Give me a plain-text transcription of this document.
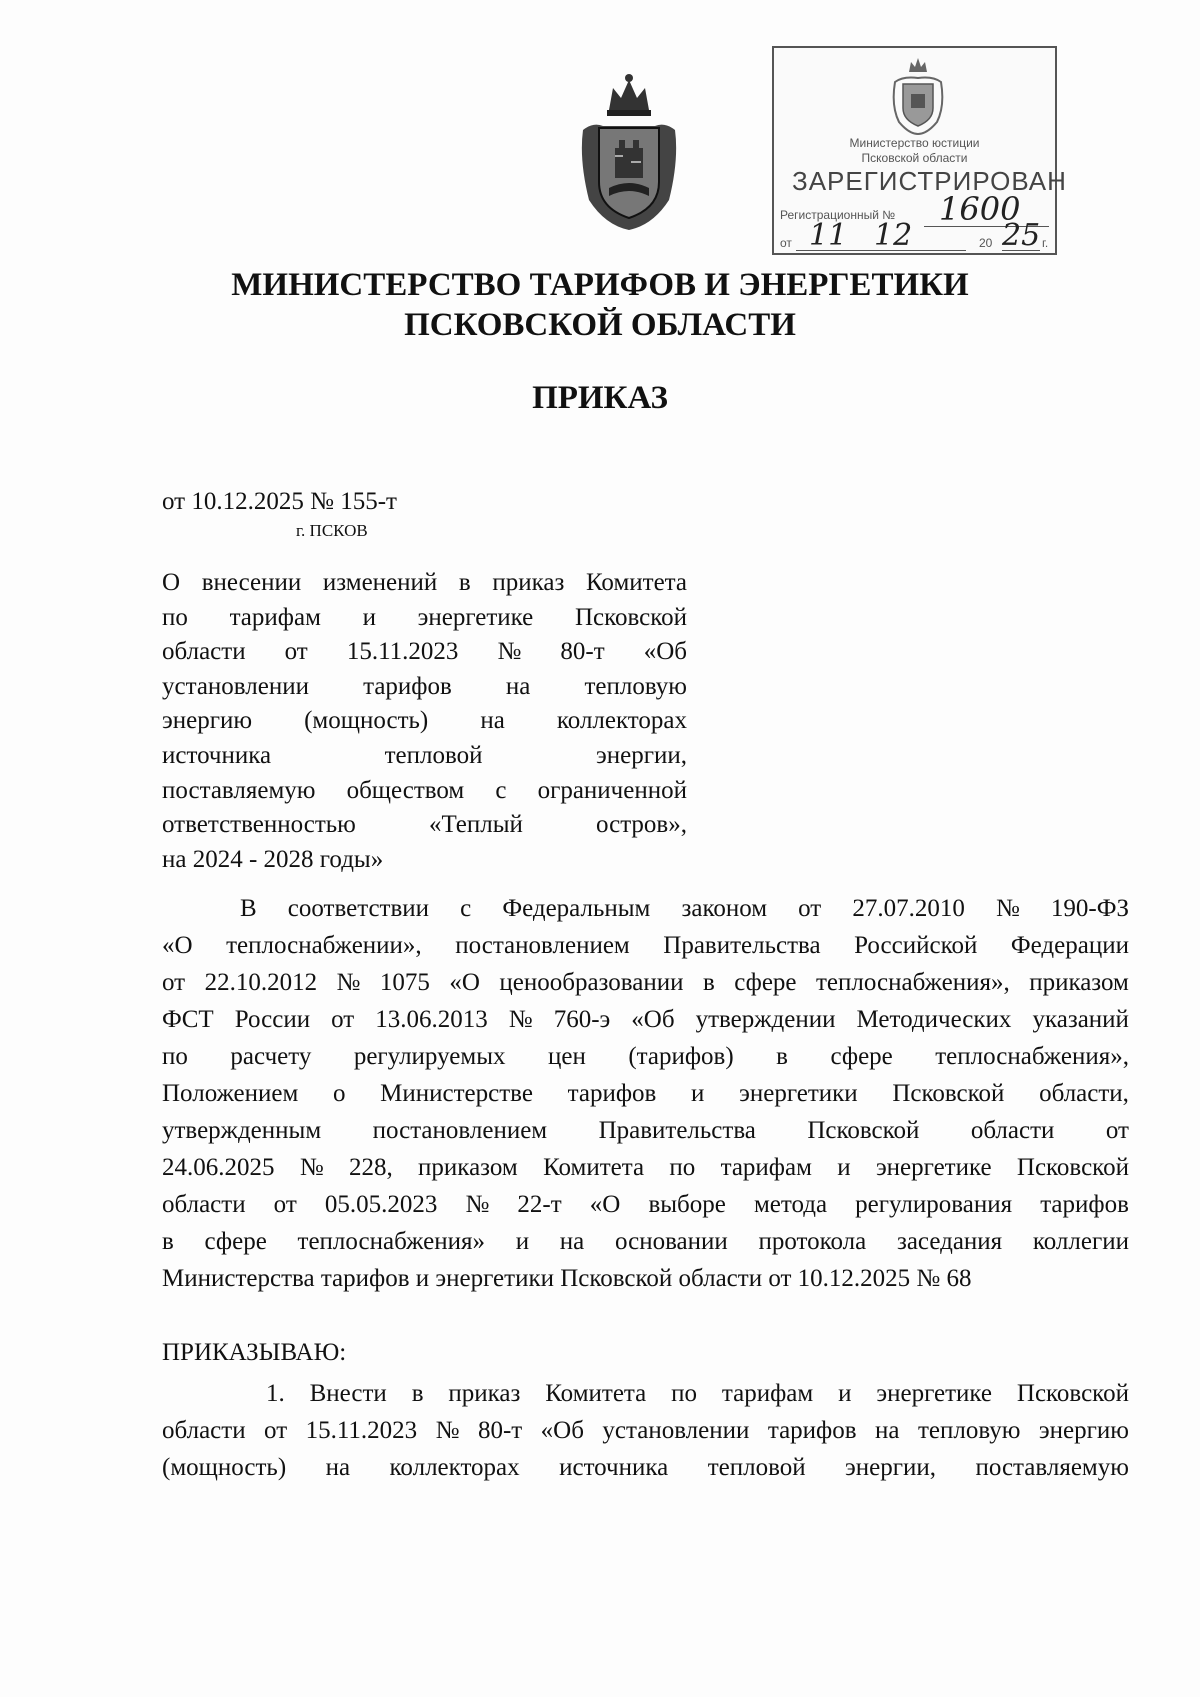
Министерство юстиции
Псковской области
ЗАРЕГИСТРИРОВАН
Регистрационный № 1600
от 11 12	20 25 г.
МИНИСТЕРСТВО ТАРИФОВ И ЭНЕРГЕТИКИ
ПСКОВСКОЙ ОБЛАСТИ
ПРИКАЗ
от 10.12.2025 № 155-т
г. ПСКОВ
О внесении изменений в приказ Комитета
по тарифам и энергетике Псковской
области от 15.11.2023 № 80-т «Об
установлении тарифов на тепловую
энергию (мощность) на коллекторах
источника	тепловой	энергии,
поставляемую обществом с ограниченной
ответственностью	«Теплый	остров»,
на 2024 - 2028 годы»
В соответствии с Федеральным законом от 27.07.2010 № 190-ФЗ
«О теплоснабжении», постановлением Правительства Российской Федерации
от 22.10.2012 № 1075 «О ценообразовании в сфере теплоснабжения», приказом
ФСТ России от 13.06.2013 № 760-э «Об утверждении Методических указаний
по расчету регулируемых цен (тарифов) в сфере теплоснабжения»,
Положением о Министерстве тарифов и энергетики Псковской области,
утвержденным постановлением Правительства Псковской области от
24.06.2025 № 228, приказом Комитета по тарифам и энергетике Псковской
области от 05.05.2023 № 22-т «О выборе метода регулирования тарифов
в сфере теплоснабжения» и на основании протокола заседания коллегии
Министерства тарифов и энергетики Псковской области от 10.12.2025 № 68
ПРИКАЗЫВАЮ:
1. Внести в приказ Комитета по тарифам и энергетике Псковской
области от 15.11.2023 № 80-т «Об установлении тарифов на тепловую энергию
(мощность) на коллекторах источника тепловой энергии, поставляемую
